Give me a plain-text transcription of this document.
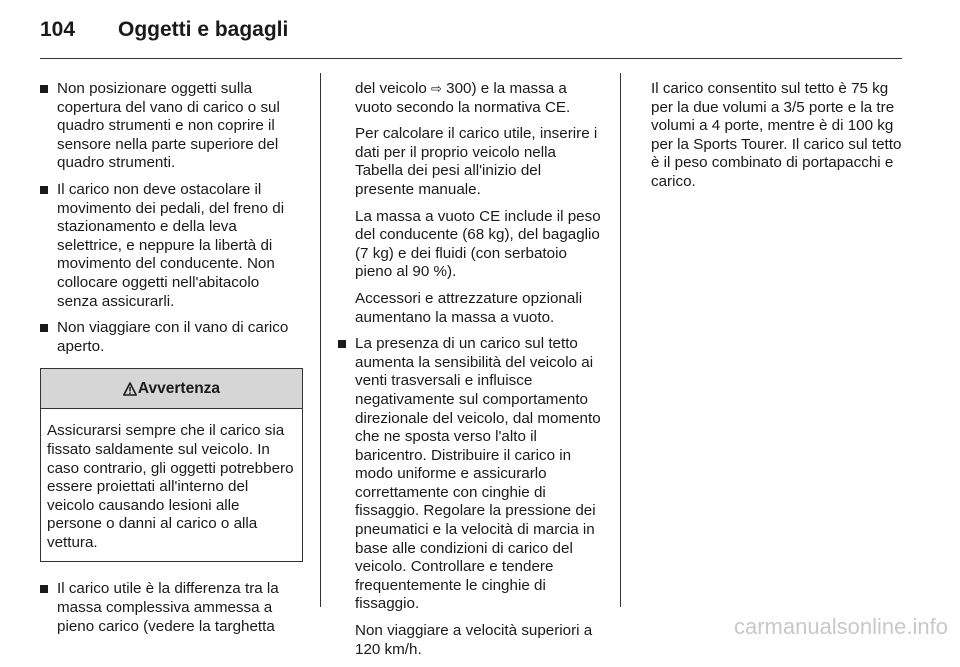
104	Oggetti e bagagli
Non posizionare oggetti sulla copertura del vano di carico o sul quadro strumenti e non coprire il sensore nella parte superiore del quadro strumenti.
Il carico non deve ostacolare il movimento dei pedali, del freno di stazionamento e della leva selettrice, e neppure la libertà di movimento del conducente. Non collocare oggetti nell'abitacolo senza assicurarli.
Non viaggiare con il vano di carico aperto.
Avvertenza
Assicurarsi sempre che il carico sia fissato saldamente sul veicolo. In caso contrario, gli oggetti potrebbero essere proiettati all'interno del veicolo causando lesioni alle persone o danni al carico o alla vettura.
Il carico utile è la differenza tra la massa complessiva ammessa a pieno carico (vedere la targhetta

del veicolo ⇨ 300) e la massa a vuoto secondo la normativa CE.

Per calcolare il carico utile, inserire i dati per il proprio veicolo nella Tabella dei pesi all'inizio del presente manuale.

La massa a vuoto CE include il peso del conducente (68 kg), del bagaglio (7 kg) e dei fluidi (con serbatoio pieno al 90 %).

Accessori e attrezzature opzionali aumentano la massa a vuoto.

La presenza di un carico sul tetto aumenta la sensibilità del veicolo ai venti trasversali e influisce negativamente sul comportamento direzionale del veicolo, dal momento che ne sposta verso l'alto il baricentro. Distribuire il carico in modo uniforme e assicurarlo correttamente con cinghie di fissaggio. Regolare la pressione dei pneumatici e la velocità di marcia in base alle condizioni di carico del veicolo. Controllare e tendere frequentemente le cinghie di fissaggio.

Non viaggiare a velocità superiori a 120 km/h.

Il carico consentito sul tetto è 75 kg per la due volumi a 3/5 porte e la tre volumi a 4 porte, mentre è di 100 kg per la Sports Tourer. Il carico sul tetto è il peso combinato di portapacchi e carico.

carmanualsonline.info
